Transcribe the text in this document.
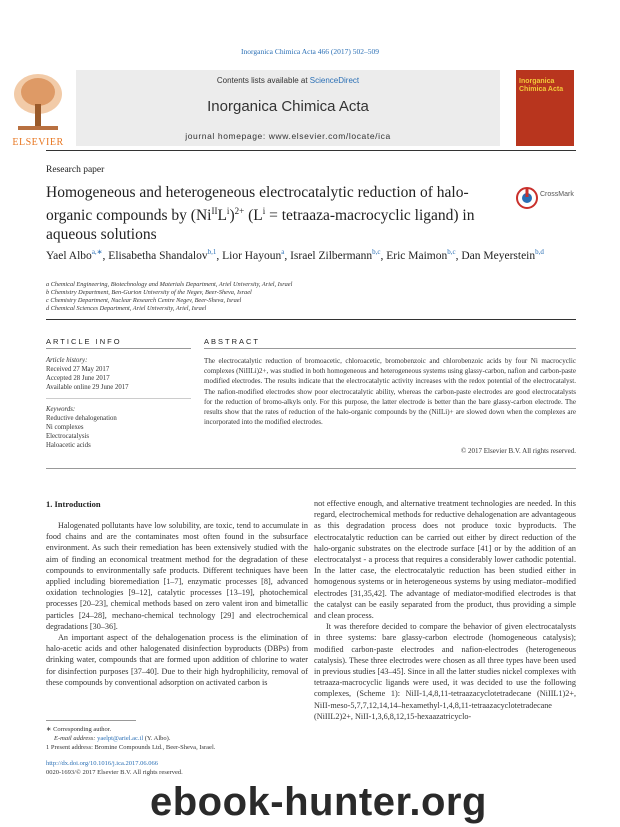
Inorganica Chimica Acta 466 (2017) 502–509
ELSEVIER
Contents lists available at ScienceDirect
Inorganica Chimica Acta
journal homepage: www.elsevier.com/locate/ica
Inorganica
Chimica Acta
Research paper
Homogeneous and heterogeneous electrocatalytic reduction of halo-organic compounds by $(Ni^{II}L^i)^{2+}$ ($L^i$ = tetraaza-macrocyclic ligand) in aqueous solutions
CrossMark
Yael Albo$^{a,∗}$, Elisabetha Shandalov$^{b,1}$, Lior Hayoun$^a$, Israel Zilbermann$^{b,c}$, Eric Maimon$^{b,c}$, Dan Meyerstein$^{b,d}$
a Chemical Engineering, Biotechnology and Materials Department, Ariel University, Ariel, Israel
b Chemistry Department, Ben-Gurion University of the Negev, Beer-Sheva, Israel
c Chemistry Department, Nuclear Research Centre Negev, Beer-Sheva, Israel
d Chemical Sciences Department, Ariel University, Ariel, Israel
ARTICLE INFO	ABSTRACT
Article history:
Received 27 May 2017
Accepted 28 June 2017
Available online 29 June 2017
Keywords:
Reductive dehalogenation
Ni complexes
Electrocatalysis
Haloacetic acids
The electrocatalytic reduction of bromoacetic, chloroacetic, bromobenzoic and chlorobenzoic acids by four Ni macrocyclic complexes (NiIILi)2+, was studied in both homogeneous and heterogeneous systems using glassy-carbon, nafion and carbon-paste modified electrodes. The results indicate that the electrocatalytic activity increases with the redox potential of the electrocatalyst. The nafion-modified electrodes show poor electrocatalytic ability, whereas the carbon-paste electrodes are good electrocatalysts for the reduction of bromo-alkyls only. For this purpose, the latter electrode is better than the bare glassy-carbon electrode. The results show that the rates of reduction of the halo-organic compounds by the (NiILi)+ are slowed down when the complexes are incorporated into the modified electrodes.
© 2017 Elsevier B.V. All rights reserved.
1. Introduction

Halogenated pollutants have low solubility, are toxic, tend to accumulate in food chains and are the contaminates most often found in the subsurface environment. As such their remediation has been extensively studied with the aim of finding an economical treatment method for the degradation of these compounds to environmentally safe products. Different techniques have been applied including bioremediation [1–7], enzymatic processes [8], advanced oxidation technologies [9–12], catalytic processes [13–19], photochemical processes [20–23], chemical methods based on zero valent iron and bimetallic particles [24–28], mechano-chemical technology [29] and electrochemical degradations [30–36].

An important aspect of the dehalogenation process is the elimination of halo-acetic acids and other halogenated disinfection byproducts (DBPs) from drinking water, compounds that are formed upon addition of chlorine to water for disinfection purposes [37–40]. Due to their high hydrophilicity, removal of these compounds by conventional adsorption on activated carbon is

not effective enough, and alternative treatment technologies are needed. In this regard, electrochemical methods for reductive dehalogenation are advantageous as this degradation process does not produce toxic byproducts. The electrocatalytic reduction can be carried out either by direct reduction of the halo-organic substrates on the electrode surface [41] or by the addition of an electrocatalyst - a process that requires a considerably lower cathodic potential. In the latter case, the electrocatalytic reduction has been studied either in homogenous systems or in heterogeneous systems by using mediator–modified electrodes [31,35,42]. The advantage of mediator-modified electrodes is that the catalyst can be easily separated from the product, thus providing a simple and clean process.

It was therefore decided to compare the behavior of given electrocatalysts in three systems: bare glassy-carbon electrode (homogeneous catalysis); modified carbon-paste electrodes and nafion-electrodes (heterogeneous catalysis). These three electrodes were chosen as all three types have been used in previous studies [43–45]. Since in all the latter studies nickel complexes with tetraaza-macrocyclic ligands were used, it was decided to use the following complexes, (Scheme 1): NiII-1,4,8,11-tetraazacyclotetradecane (NiIIL1)2+, NiII-meso-5,7,7,12,14,14–hexamethyl-1,4,8,11-tetraazacyclotetradecane (NiIIL2)2+, NiII-1,3,6,8,12,15-hexaazatricyclo-

∗ Corresponding author.
E-mail address: yaelpt@ariel.ac.il (Y. Albo).
1 Present address: Bromine Compounds Ltd., Beer-Sheva, Israel.
http://dx.doi.org/10.1016/j.ica.2017.06.066
0020-1693/© 2017 Elsevier B.V. All rights reserved.
ebook-hunter.org
